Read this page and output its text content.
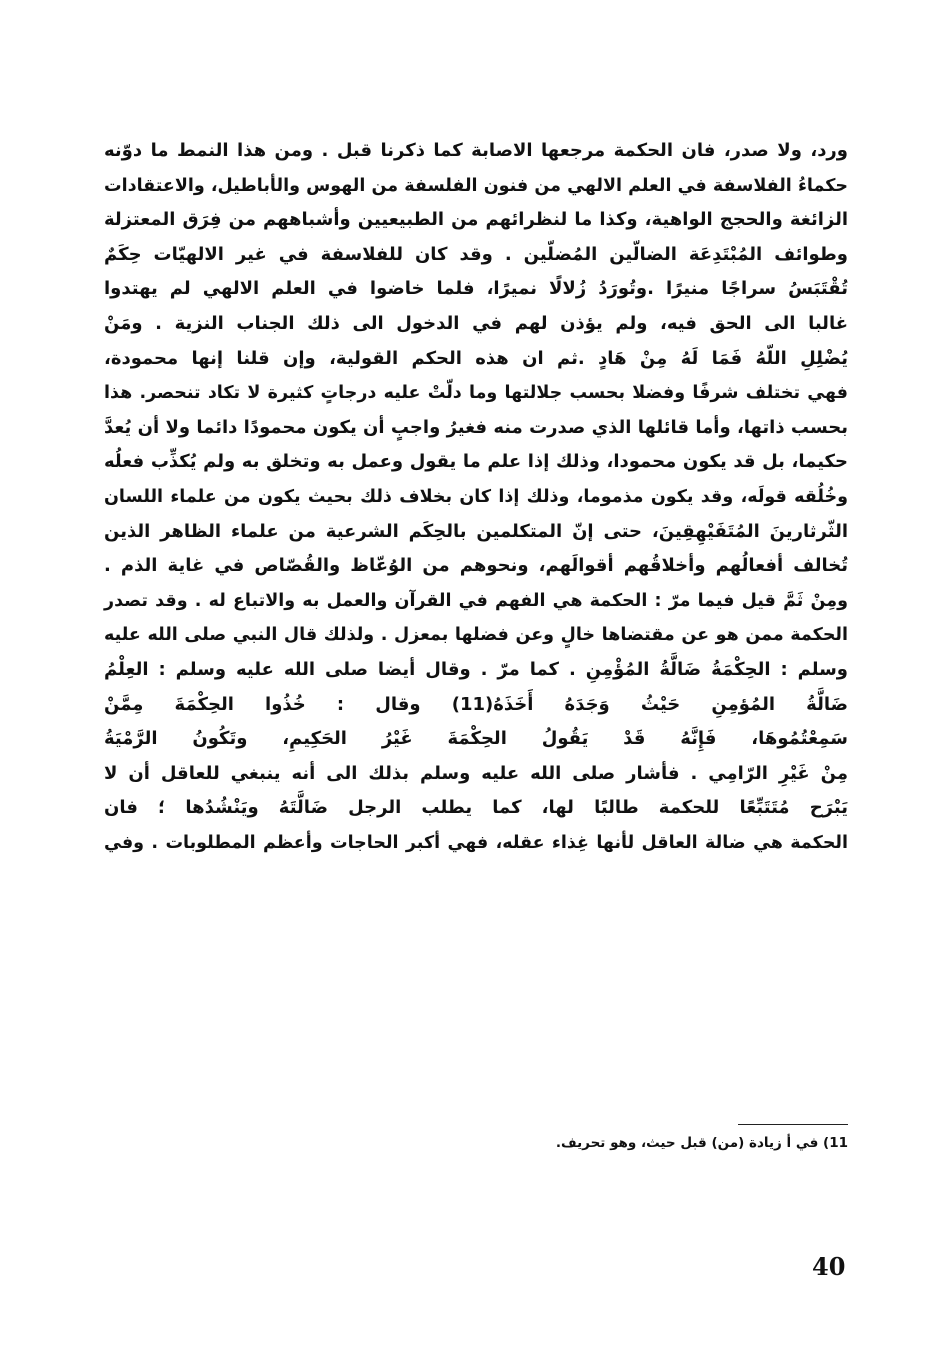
ورد، ولا صدر، فان الحكمة مرجعها الاصابة كما ذكرنا قبل . ومن هذا النمط ما دوّنه
حكماءُ الفلاسفة في العلم الالهي من فنون الفلسفة من الهوس والأباطيل، والاعتقادات
الزائغة والحجج الواهية، وكذا ما لنظرائهم من الطبيعيين وأشباههم من فِرَق المعتزلة
وطوائف المُبْتَدِعَة الضالّين المُضلّين . وقد كان للفلاسفة في غير الالهيّات حِكَمٌ
تُقْتَبَسُ سراجًا منيرًا .وتُورَدُ زُلالًا نميرًا، فلما خاضوا في العلم الالهي لم يهتدوا
غالبا الى الحق فيه، ولم يؤذن لهم في الدخول الى ذلك الجناب النزية . ومَنْ
يُضْلِلِ اللّهُ فَمَا لَهُ مِنْ هَادٍ .ثم ان هذه الحكم القولية، وإن قلنا إنها محمودة،
فهي تختلف شرفًا وفضلا بحسب جلالتها وما دلّتْ عليه درجاتٍ كثيرة لا تكاد تنحصر. هذا
بحسب ذاتها، وأما قائلها الذي صدرت منه فغيرُ واجبٍ أن يكون محمودًا دائما ولا أن يُعدَّ
حكيما، بل قد يكون محمودا، وذلك إذا علم ما يقول وعمل به وتخلق به ولم يُكذِّب فعلُه
وخُلُقه قولَه، وقد يكون مذموما، وذلك إذا كان بخلاف ذلك بحيث يكون من علماء اللسان
الثّرثارينَ المُتَفَيْهِقِينَ، حتى إنّ المتكلمين بالحِكَم الشرعية من علماء الظاهر الذين
تُخالف أفعالُهم وأخلاقُهم أقوالَهم، ونحوهم من الوُعّاظ والقُصّاص في غاية الذم .
ومِنْ ثَمَّ قيل فيما مرّ : الحكمة هي الفهم في القرآن والعمل به والاتباع له . وقد تصدر
الحكمة ممن هو عن مقتضاها خالٍ وعن فضلها بمعزل . ولذلك قال النبي صلى الله عليه
وسلم : الحِكْمَةُ ضَالَّةُ المُؤْمِنِ . كما مرّ . وقال أيضا صلى الله عليه وسلم : العِلْمُ
ضَالَّةُ المُؤمِنِ حَيْثُ وَجَدَهُ أَخَذَهُ(11) وقال : خُذُوا الحِكْمَةَ مِمَّنْ
سَمِعْتُمُوهَا، فَإِنَّهُ قَدْ يَقُولُ الحِكْمَةَ غَيْرُ الحَكِيمِ، وتَكُونُ الرَّمْيَةُ
مِنْ غَيْرِ الرّامِي . فأشار صلى الله عليه وسلم بذلك الى أنه ينبغي للعاقل أن لا
يَبْرَح مُتَتَبِّعًا للحكمة طالبًا لها، كما يطلب الرجل ضَالَّتَهُ ويَنْشُدُها ؛ فان
الحكمة هي ضالة العاقل لأنها غِذاء عقله، فهي أكبر الحاجات وأعظم المطلوبات . وفي
11) في أ زيادة (من) قبل حيث، وهو تحريف.
40
